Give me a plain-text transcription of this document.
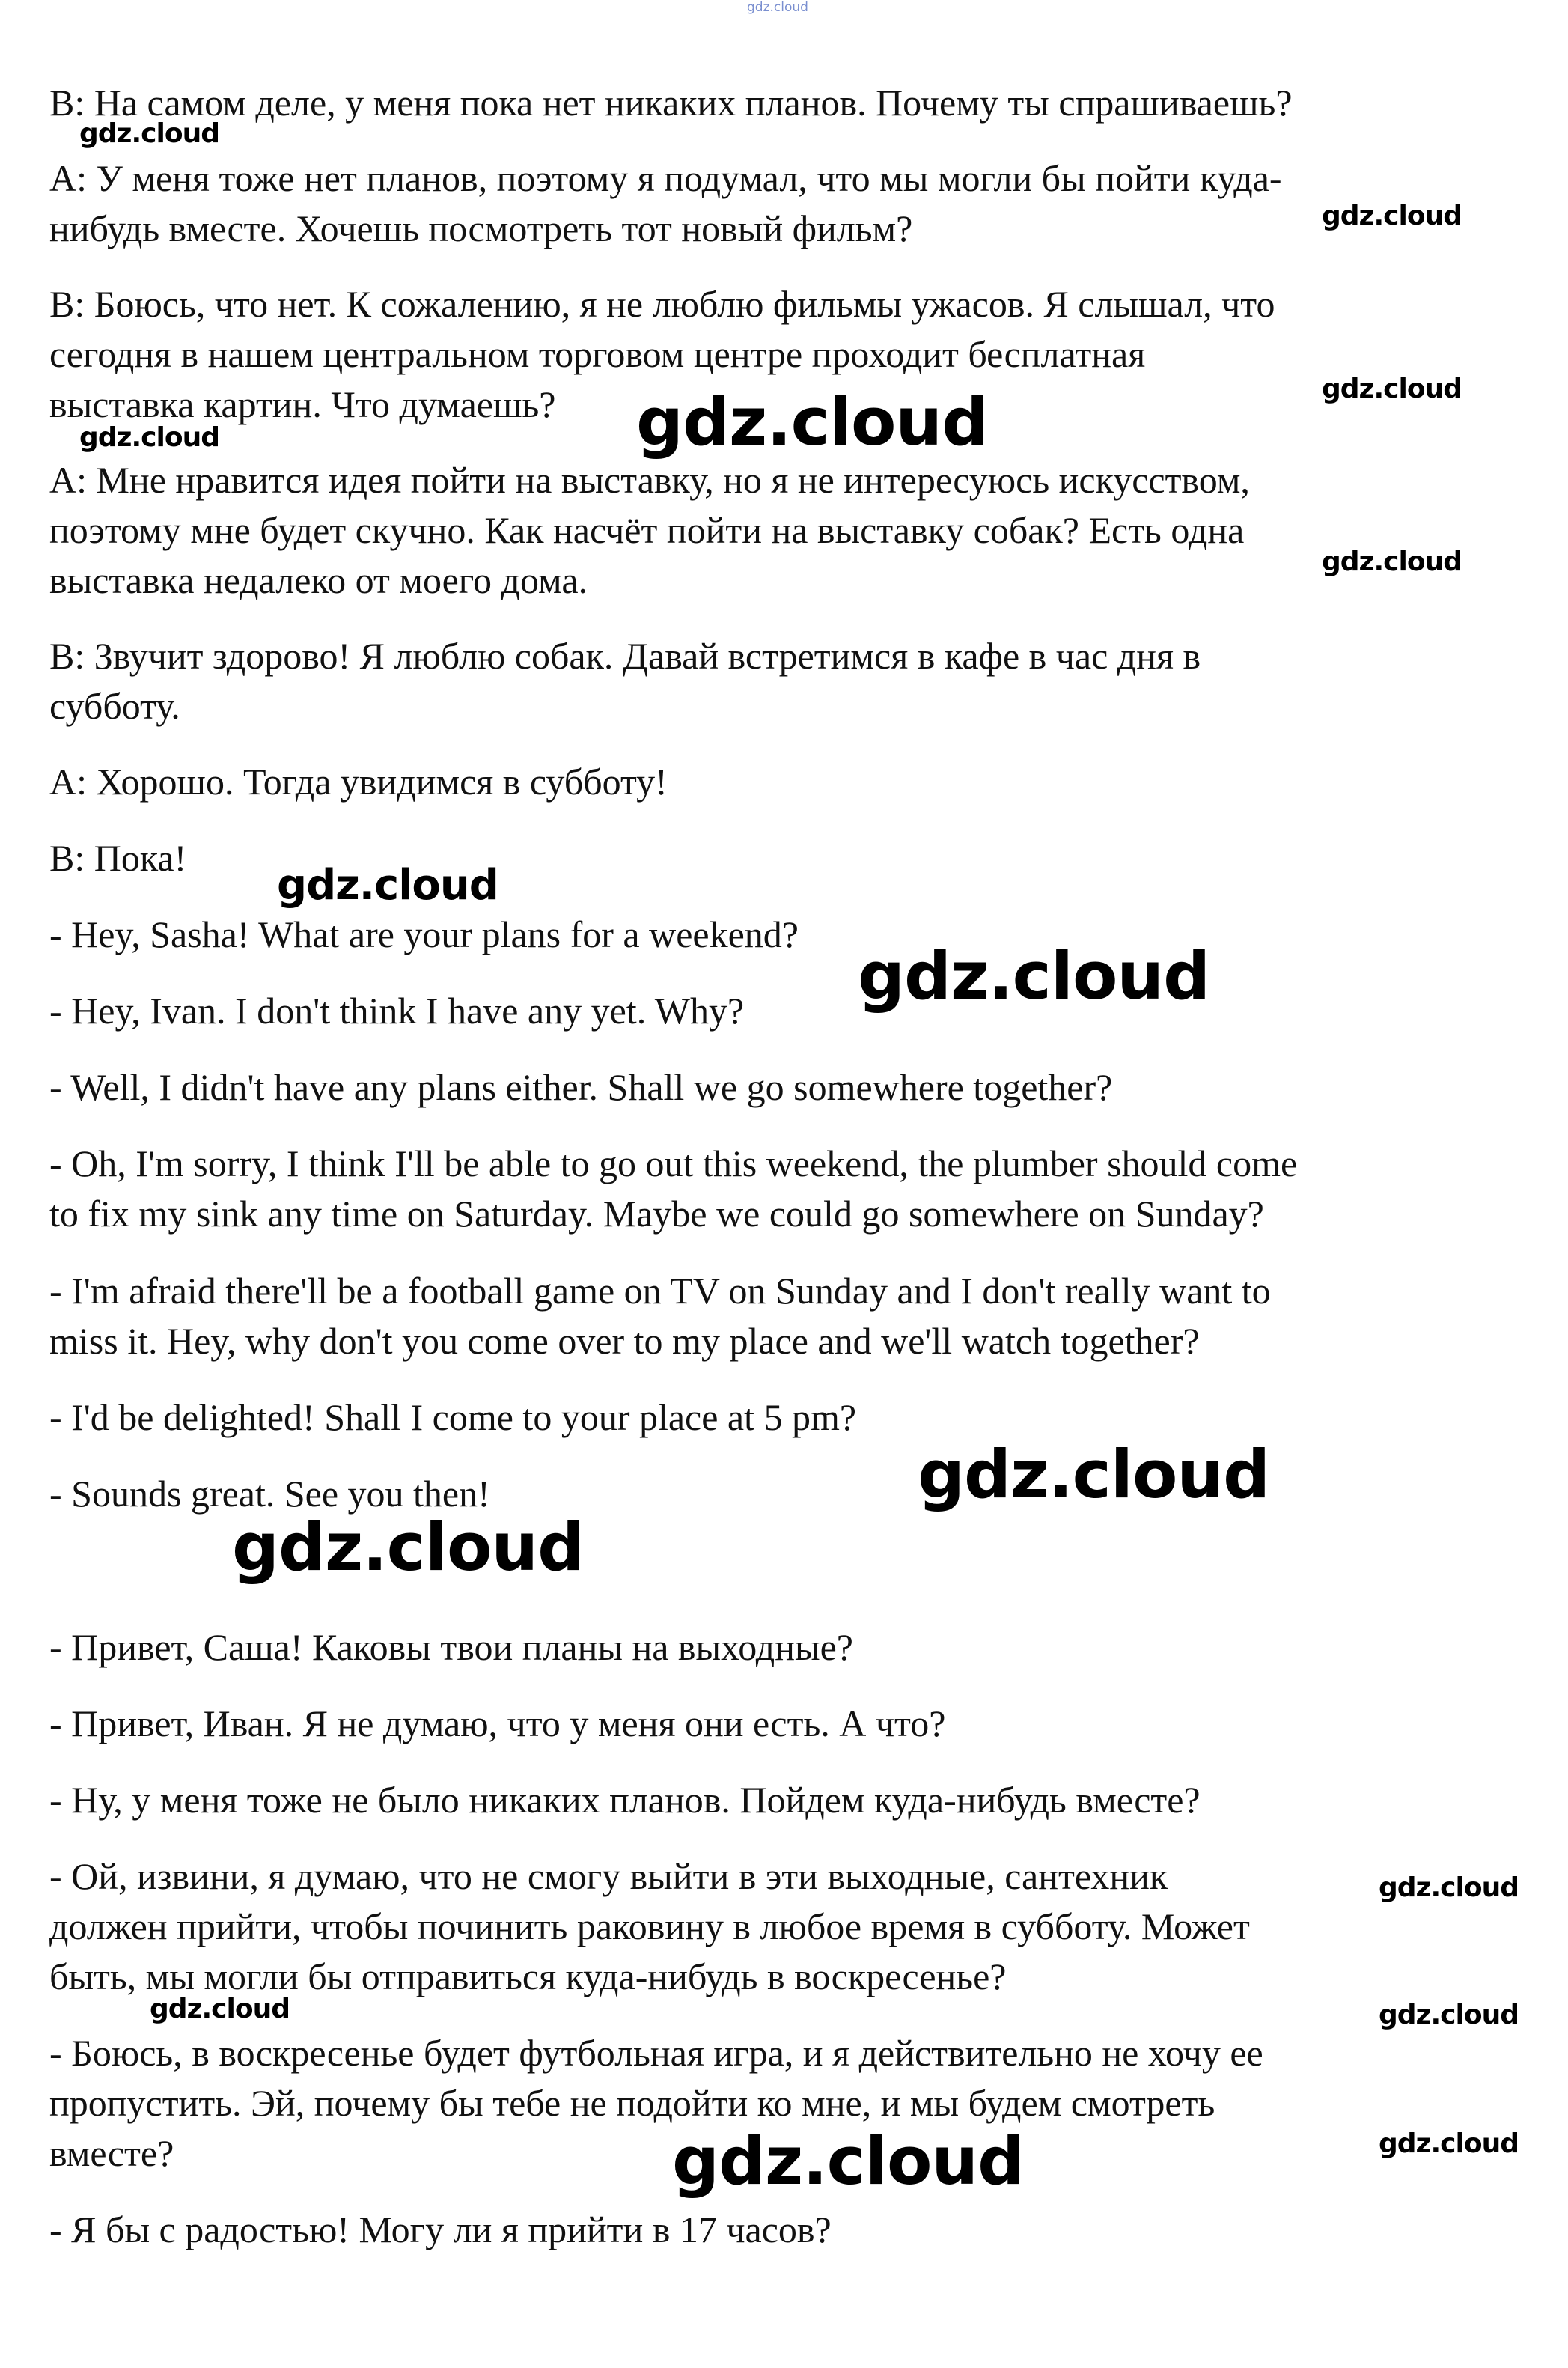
В: На самом деле, у меня пока нет никаких планов. Почему ты спрашиваешь?

А: У меня тоже нет планов, поэтому я подумал, что мы могли бы пойти куда-

нибудь вместе. Хочешь посмотреть тот новый фильм?

В: Боюсь, что нет. К сожалению, я не люблю фильмы ужасов. Я слышал, что

сегодня в нашем центральном торговом центре проходит бесплатная

выставка картин. Что думаешь?

А: Мне нравится идея пойти на выставку, но я не интересуюсь искусством,

поэтому мне будет скучно. Как насчёт пойти на выставку собак? Есть одна

выставка недалеко от моего дома.

В: Звучит здорово! Я люблю собак. Давай встретимся в кафе в час дня в

субботу.

А: Хорошо. Тогда увидимся в субботу!

В: Пока!

- Hey, Sasha! What are your plans for a weekend?

- Hey, Ivan. I don't think I have any yet. Why?

- Well, I didn't have any plans either. Shall we go somewhere together?

- Oh, I'm sorry, I think I'll be able to go out this weekend, the plumber should come

to fix my sink any time on Saturday. Maybe we could go somewhere on Sunday?

- I'm afraid there'll be a football game on TV on Sunday and I don't really want to

miss it. Hey, why don't you come over to my place and we'll watch together?

- I'd be delighted! Shall I come to your place at 5 pm?

- Sounds great. See you then!

- Привет, Саша! Каковы твои планы на выходные?

- Привет, Иван. Я не думаю, что у меня они есть. А что?

- Ну, у меня тоже не было никаких планов. Пойдем куда-нибудь вместе?

- Ой, извини, я думаю, что не смогу выйти в эти выходные, сантехник

должен прийти, чтобы починить раковину в любое время в субботу. Может

быть, мы могли бы отправиться куда-нибудь в воскресенье?

- Боюсь, в воскресенье будет футбольная игра, и я действительно не хочу ее

пропустить. Эй, почему бы тебе не подойти ко мне, и мы будем смотреть

вместе?

- Я бы с радостью! Могу ли я прийти в 17 часов?

gdz.cloud

gdz.cloud

gdz.cloud

gdz.cloud

gdz.cloud	gdz.cloud

gdz.cloud

gdz.cloud

gdz.cloud

gdz.cloud

gdz.cloud

gdz.cloud

gdz.cloud	gdz.cloud

gdz.cloud	gdz.cloud
